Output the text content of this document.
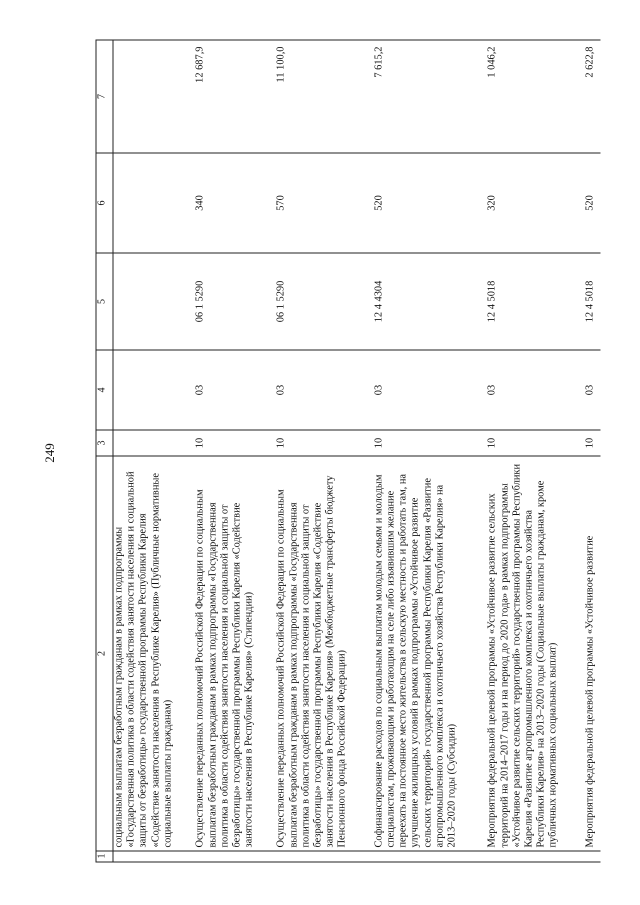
249
1	2	3	4	5	6	7
	социальным выплатам безработным гражданам в рамках подпрограммы «Государственная политика в области содействия занятости населения и социальной защиты от безработицы» государственной программы Республики Карелия «Содействие занятости населения в Республике Карелия» (Публичные нормативные социальные выплаты гражданам)					
	Осуществление переданных полномочий Российской Федерации по социальным выплатам безработным гражданам в рамках подпрограммы «Государственная политика в области содействия занятости населения и социальной защиты от безработицы» государственной программы Республики Карелия «Содействие занятости населения в Республике Карелия» (Стипендии)	10	03	06 1 5290	340	12 687,9
	Осуществление переданных полномочий Российской Федерации по социальным выплатам безработным гражданам в рамках подпрограммы «Государственная политика в области содействия занятости населения и социальной защиты от безработицы» государственной программы Республики Карелия «Содействие занятости населения в Республике Карелия» (Межбюджетные трансферты бюджету Пенсионного фонда Российской Федерации)	10	03	06 1 5290	570	11 100,0
	Софинансирование расходов по социальным выплатам молодым семьям и молодым специалистам, проживающим и работающим на селе либо изъявившим желание переехать на постоянное место жительства в сельскую местность и работать там, на улучшение жилищных условий в рамках подпрограммы «Устойчивое развитие сельских территорий» государственной программы Республики Карелия «Развитие агропромышленного комплекса и охотничьего хозяйства Республики Карелия» на 2013–2020 годы (Субсидии)	10	03	12 4 4304	520	7 615,2
	Мероприятия федеральной целевой программы «Устойчивое развитие сельских территорий на 2014–2017 годы и на период до 2020 года» в рамках подпрограммы «Устойчивое развитие сельских территорий» государственной программы Республики Карелия «Развитие агропромышленного комплекса и охотничьего хозяйства Республики Карелия» на 2013–2020 годы (Социальные выплаты гражданам, кроме публичных нормативных социальных выплат)	10	03	12 4 5018	320	1 046,2
	Мероприятия федеральной целевой программы «Устойчивое развитие	10	03	12 4 5018	520	2 622,8
